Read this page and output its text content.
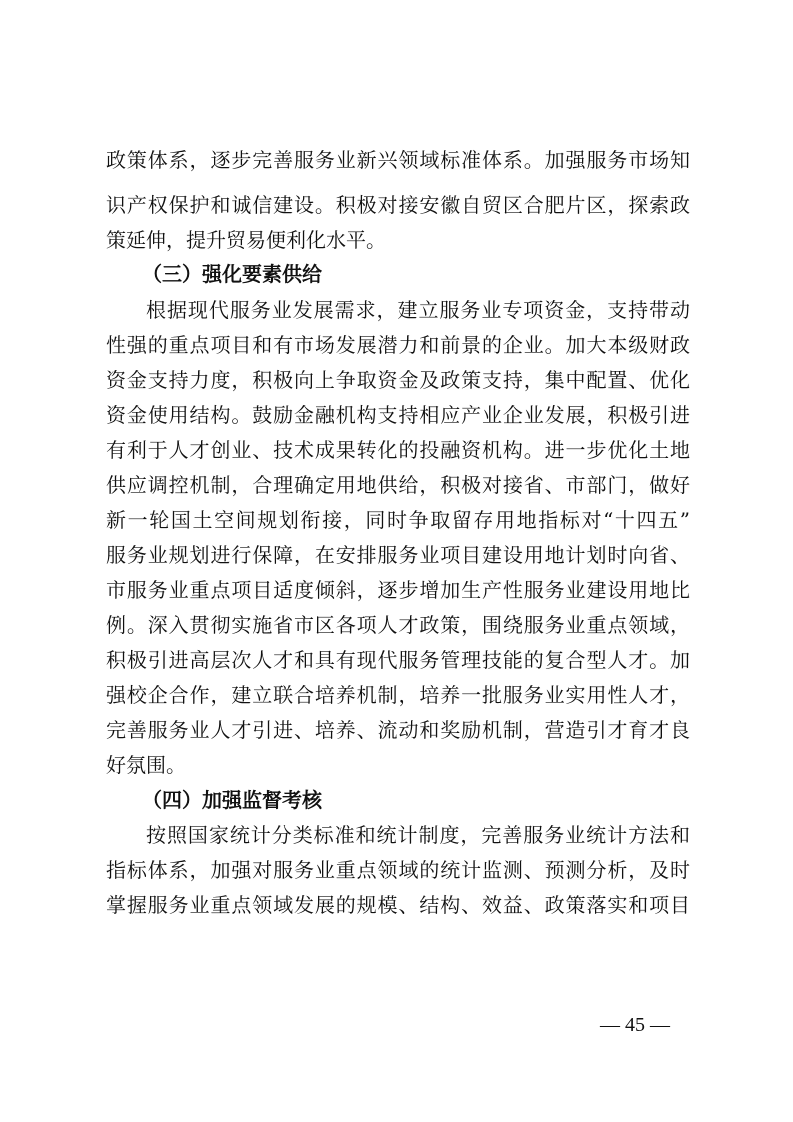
政策体系，逐步完善服务业新兴领域标准体系。加强服务市场知
识产权保护和诚信建设。积极对接安徽自贸区合肥片区，探索政
策延伸，提升贸易便利化水平。
（三）强化要素供给
根据现代服务业发展需求，建立服务业专项资金，支持带动
性强的重点项目和有市场发展潜力和前景的企业。加大本级财政
资金支持力度，积极向上争取资金及政策支持，集中配置、优化
资金使用结构。鼓励金融机构支持相应产业企业发展，积极引进
有利于人才创业、技术成果转化的投融资机构。进一步优化土地
供应调控机制，合理确定用地供给，积极对接省、市部门，做好
新一轮国土空间规划衔接，同时争取留存用地指标对“十四五”
服务业规划进行保障，在安排服务业项目建设用地计划时向省、
市服务业重点项目适度倾斜，逐步增加生产性服务业建设用地比
例。深入贯彻实施省市区各项人才政策，围绕服务业重点领域，
积极引进高层次人才和具有现代服务管理技能的复合型人才。加
强校企合作，建立联合培养机制，培养一批服务业实用性人才，
完善服务业人才引进、培养、流动和奖励机制，营造引才育才良
好氛围。
（四）加强监督考核
按照国家统计分类标准和统计制度，完善服务业统计方法和
指标体系，加强对服务业重点领域的统计监测、预测分析，及时
掌握服务业重点领域发展的规模、结构、效益、政策落实和项目
— 45 —
